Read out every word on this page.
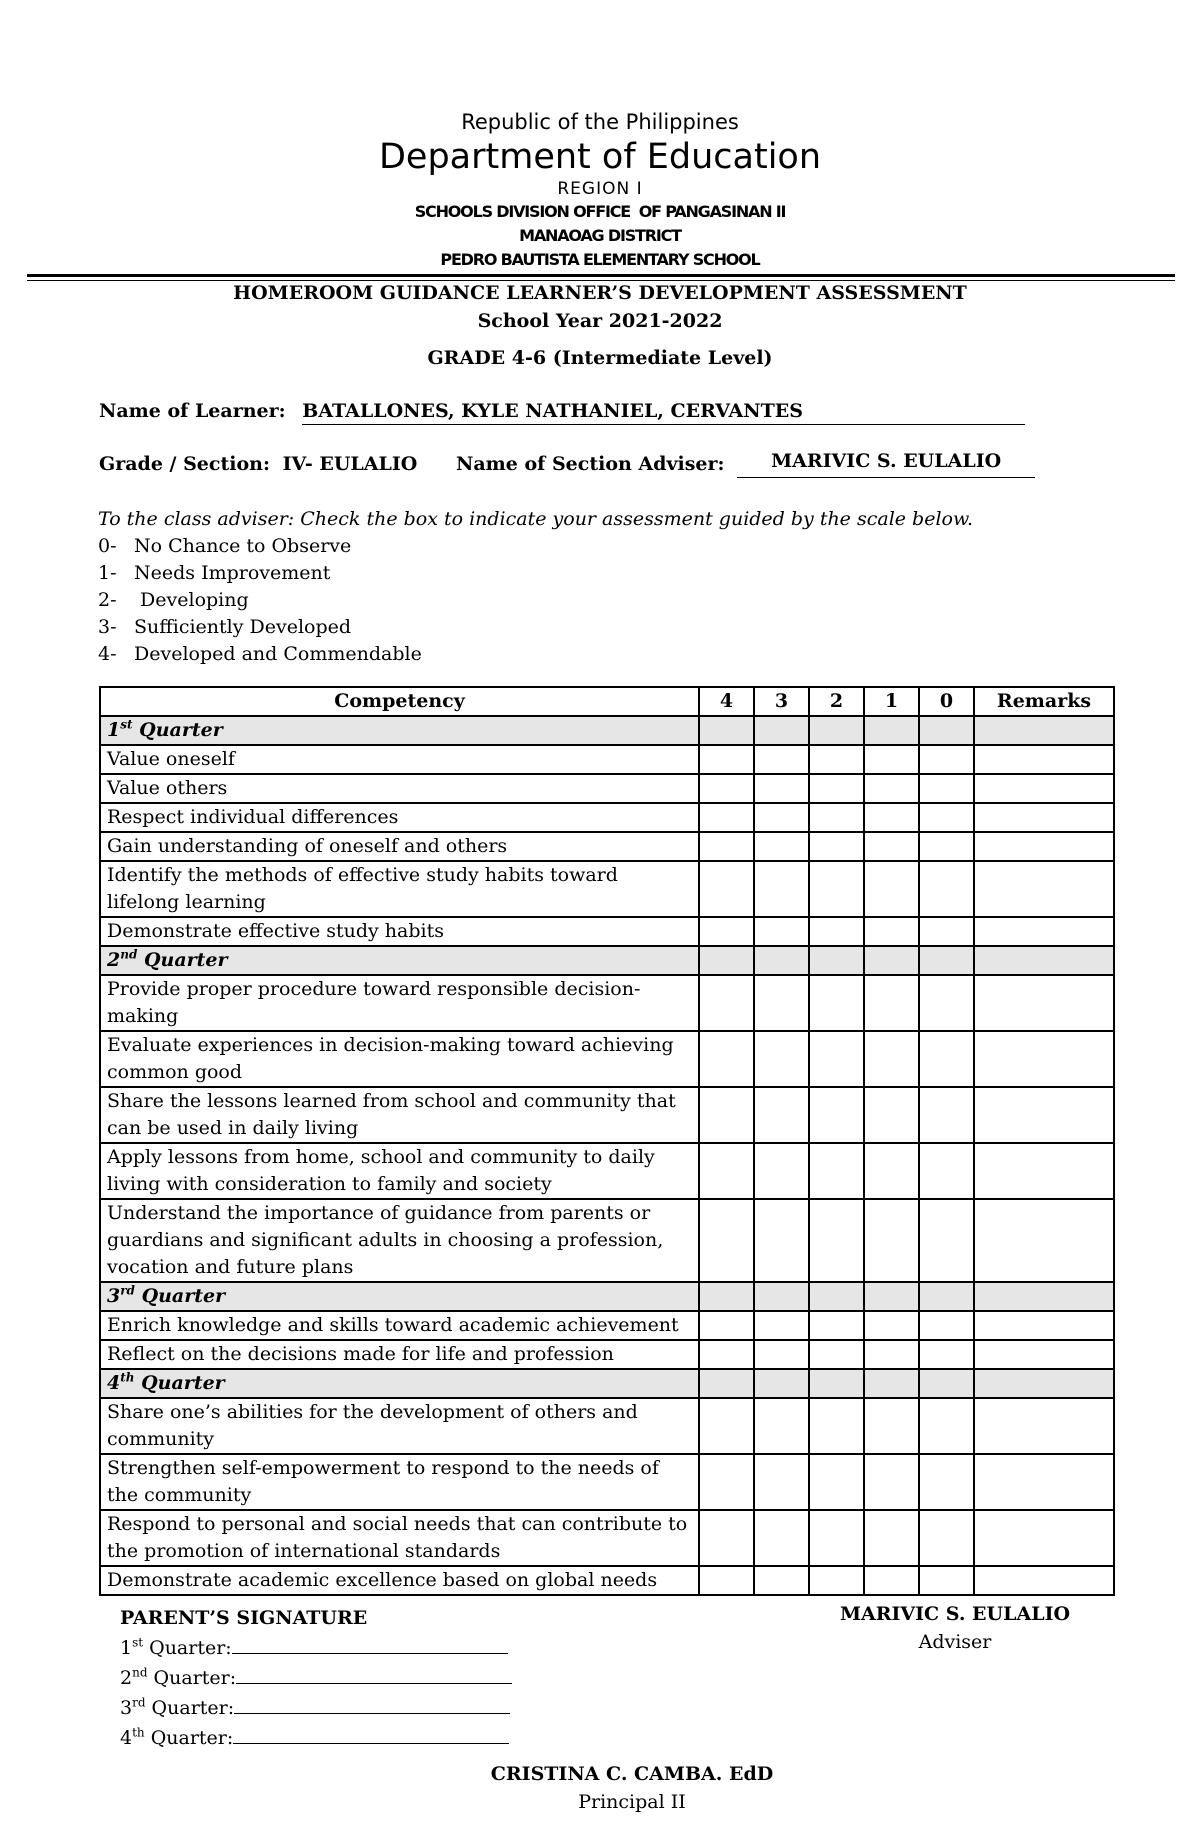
Republic of the Philippines
Department of Education
REGION I
SCHOOLS DIVISION OFFICE  OF PANGASINAN II
MANAOAG DISTRICT
PEDRO BAUTISTA ELEMENTARY SCHOOL
HOMEROOM GUIDANCE LEARNER’S DEVELOPMENT ASSESSMENT
School Year 2021-2022
GRADE 4-6 (Intermediate Level)
Name of Learner: BATALLONES, KYLE NATHANIEL, CERVANTES
Grade / Section: IV- EULALIO Name of Section Adviser: MARIVIC S. EULALIO
To the class adviser: Check the box to indicate your assessment guided by the scale below.
0- No Chance to Observe
1- Needs Improvement
2- Developing
3- Sufficiently Developed
4- Developed and Commendable
Competency	4	3	2	1	0	Remarks
1st Quarter						
Value oneself						
Value others						
Respect individual differences						
Gain understanding of oneself and others						
Identify the methods of effective study habits toward lifelong learning						
Demonstrate effective study habits						
2nd Quarter						
Provide proper procedure toward responsible decision-making						
Evaluate experiences in decision-making toward achieving common good						
Share the lessons learned from school and community that can be used in daily living						
Apply lessons from home, school and community to daily living with consideration to family and society						
Understand the importance of guidance from parents or guardians and significant adults in choosing a profession, vocation and future plans						
3rd Quarter						
Enrich knowledge and skills toward academic achievement						
Reflect on the decisions made for life and profession						
4th Quarter						
Share one’s abilities for the development of others and community						
Strengthen self-empowerment to respond to the needs of the community						
Respond to personal and social needs that can contribute to the promotion of international standards						
Demonstrate academic excellence based on global needs						
PARENT’S SIGNATURE
1st Quarter:
2nd Quarter:
3rd Quarter:
4th Quarter:
MARIVIC S. EULALIO
Adviser
CRISTINA C. CAMBA. EdD
Principal II
